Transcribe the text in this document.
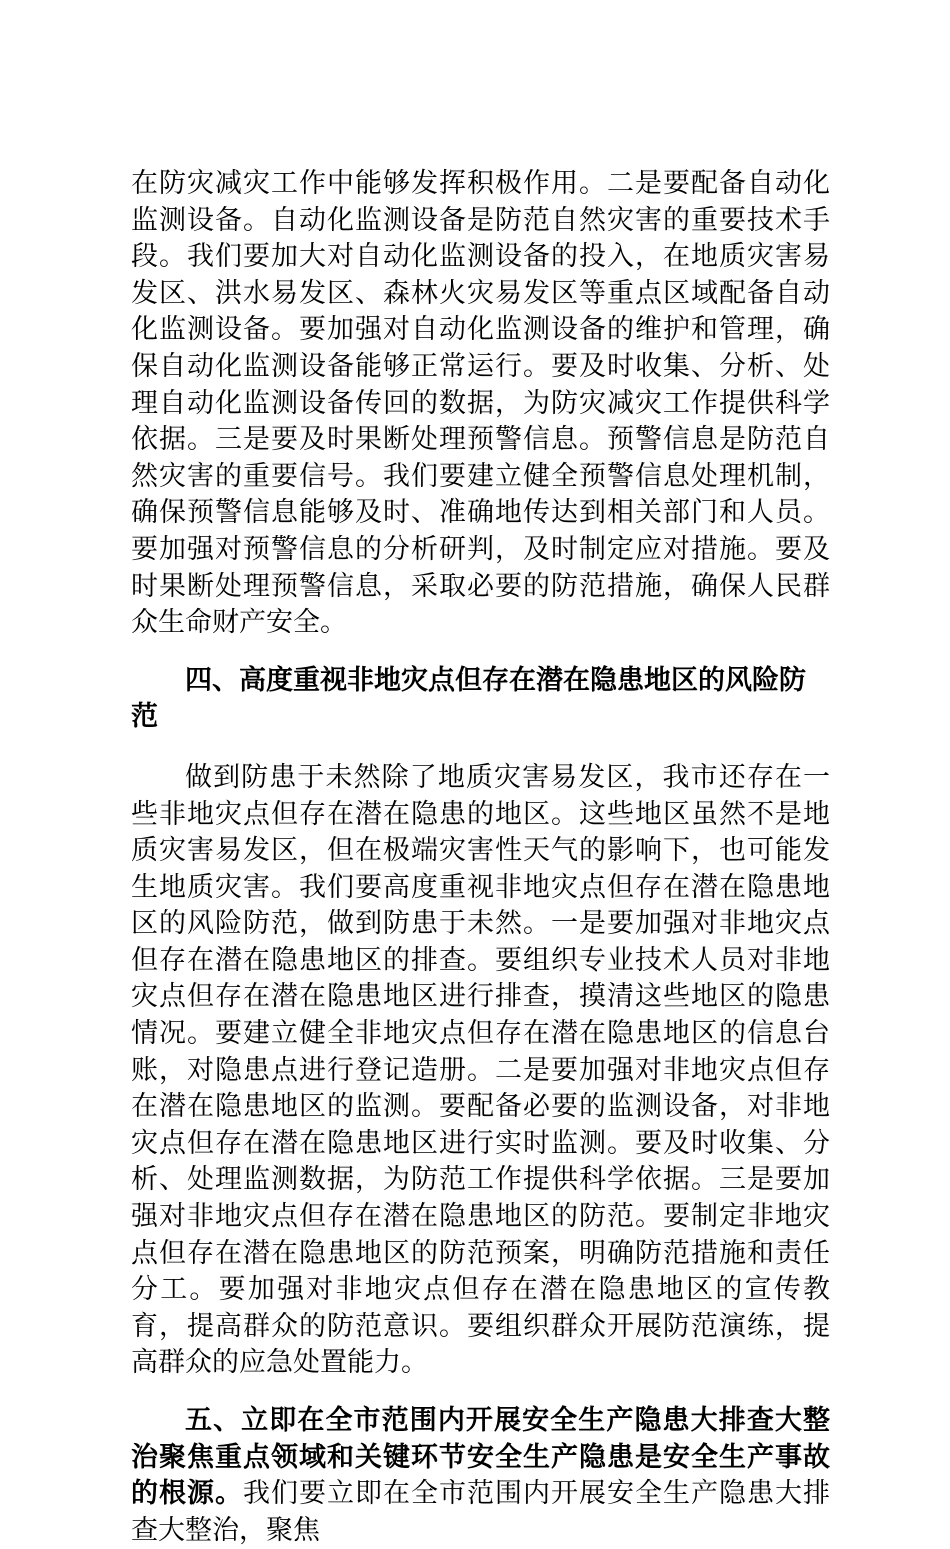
在防灾减灾工作中能够发挥积极作用。二是要配备自动化监测设备。自动化监测设备是防范自然灾害的重要技术手段。我们要加大对自动化监测设备的投入，在地质灾害易发区、洪水易发区、森林火灾易发区等重点区域配备自动化监测设备。要加强对自动化监测设备的维护和管理，确保自动化监测设备能够正常运行。要及时收集、分析、处理自动化监测设备传回的数据，为防灾减灾工作提供科学依据。三是要及时果断处理预警信息。预警信息是防范自然灾害的重要信号。我们要建立健全预警信息处理机制，确保预警信息能够及时、准确地传达到相关部门和人员。要加强对预警信息的分析研判，及时制定应对措施。要及时果断处理预警信息，采取必要的防范措施，确保人民群众生命财产安全。

四、高度重视非地灾点但存在潜在隐患地区的风险防范

做到防患于未然除了地质灾害易发区，我市还存在一些非地灾点但存在潜在隐患的地区。这些地区虽然不是地质灾害易发区，但在极端灾害性天气的影响下，也可能发生地质灾害。我们要高度重视非地灾点但存在潜在隐患地区的风险防范，做到防患于未然。一是要加强对非地灾点但存在潜在隐患地区的排查。要组织专业技术人员对非地灾点但存在潜在隐患地区进行排查，摸清这些地区的隐患情况。要建立健全非地灾点但存在潜在隐患地区的信息台账，对隐患点进行登记造册。二是要加强对非地灾点但存在潜在隐患地区的监测。要配备必要的监测设备，对非地灾点但存在潜在隐患地区进行实时监测。要及时收集、分析、处理监测数据，为防范工作提供科学依据。三是要加强对非地灾点但存在潜在隐患地区的防范。要制定非地灾点但存在潜在隐患地区的防范预案，明确防范措施和责任分工。要加强对非地灾点但存在潜在隐患地区的宣传教育，提高群众的防范意识。要组织群众开展防范演练，提高群众的应急处置能力。

五、立即在全市范围内开展安全生产隐患大排查大整治聚焦重点领域和关键环节安全生产隐患是安全生产事故的根源。我们要立即在全市范围内开展安全生产隐患大排查大整治，聚焦
